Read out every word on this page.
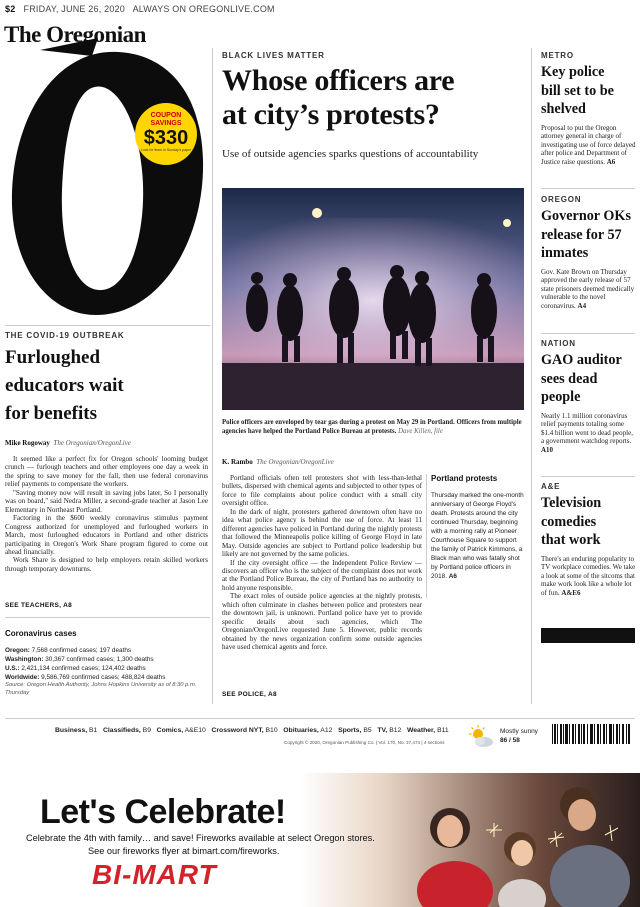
$2 FRIDAY, JUNE 26, 2020 ALWAYS ON OREGONLIVE.COM
The Oregonian
COUPON
SAVINGS
$330
Look for them in Sunday's paper
THE COVID-19 OUTBREAK
Furloughed
educators wait
for benefits
Mike Rogoway The Oregonian/OregonLive

It seemed like a perfect fix for Oregon schools' looming budget crunch — furlough teachers and other employees one day a week in the spring to save money for the fall, then use federal coronavirus relief payments to compensate the workers.

"Saving money now will result in saving jobs later, So I personally was on board," said Nedra Miller, a second-grade teacher at Jason Lee Elementary in Northeast Portland.

Factoring in the $600 weekly coronavirus stimulus payment Congress authorized for unemployed and furloughed workers in March, most furloughed educators in Portland and other districts participating in Oregon's Work Share program figured to come out ahead financially.

Work Share is designed to help employers retain skilled workers through temporary downturns.

SEE TEACHERS, A8
Coronavirus cases
Oregon: 7,568 confirmed cases; 197 deaths
Washington: 30,367 confirmed cases; 1,300 deaths
U.S.: 2,421,134 confirmed cases; 124,402 deaths
Worldwide: 9,586,769 confirmed cases; 488,824 deaths
Source: Oregon Health Authority, Johns Hopkins University as of 8:30 p.m. Thursday
BLACK LIVES MATTER
Whose officers are
at city’s protests?
Use of outside agencies sparks questions of accountability
Police officers are enveloped by tear gas during a protest on May 29 in Portland. Officers from multiple agencies have helped the Portland Police Bureau at protests. Dave Killen, file
K. Rambo The Oregonian/OregonLive

Portland officials often tell protesters shot with less-than-lethal bullets, dispersed with chemical agents and subjected to other types of force to file complaints about police conduct with a small city oversight office.

In the dark of night, protesters gathered downtown often have no idea what police agency is behind the use of force. At least 11 different agencies have policed in Portland during the nightly protests that followed the Minneapolis police killing of George Floyd in late May. Outside agencies are subject to Portland police leadership but likely are not governed by the same policies.

If the city oversight office — the Independent Police Review — discovers an officer who is the subject of the complaint does not work at the Portland Police Bureau, the city of Portland has no authority to hold anyone responsible.

The exact roles of outside police agencies at the nightly protests, which often culminate in clashes between police and protesters near the downtown jail, is unknown. Portland police have yet to provide specific details about such agencies, which The Oregonian/OregonLive requested June 5. However, public records obtained by the news organization confirm some outside agencies have used chemical agents and force.

SEE POLICE, A8
Portland protests
Thursday marked the one-month anniversary of George Floyd's death. Protests around the city continued Thursday, beginning with a morning rally at Pioneer Courthouse Square to support the family of Patrick Kimmons, a Black man who was fatally shot by Portland police officers in 2018. A6
METRO
Key police
bill set to be
shelved
Proposal to put the Oregon attorney general in charge of investigating use of force delayed after police and Department of Justice raise questions. A6
OREGON
Governor OKs
release for 57
inmates
Gov. Kate Brown on Thursday approved the early release of 57 state prisoners deemed medically vulnerable to the novel coronavirus. A4
NATION
GAO auditor
sees dead
people
Nearly 1.1 million coronavirus relief payments totaling some $1.4 billion went to dead people, a government watchdog reports. A10
A&E
Television
comedies
that work
There's an enduring popularity to TV workplace comedies. We take a look at some of the sitcoms that make work look like a whole lot of fun. A&E6
Business, B1 Classifieds, B9 Comics, A&E10 Crossword NYT, B10 Obituaries, A12 Sports, B5 TV, B12 Weather, B11
Copyright © 2020, Oregonian Publishing Co. | Vol. 170, No. 37,474 | 4 sections
Mostly sunny
86 / 58
Let's Celebrate!
Celebrate the 4th with family… and save! Fireworks available at select Oregon stores.
See our fireworks flyer at bimart.com/fireworks.
BI-MART
